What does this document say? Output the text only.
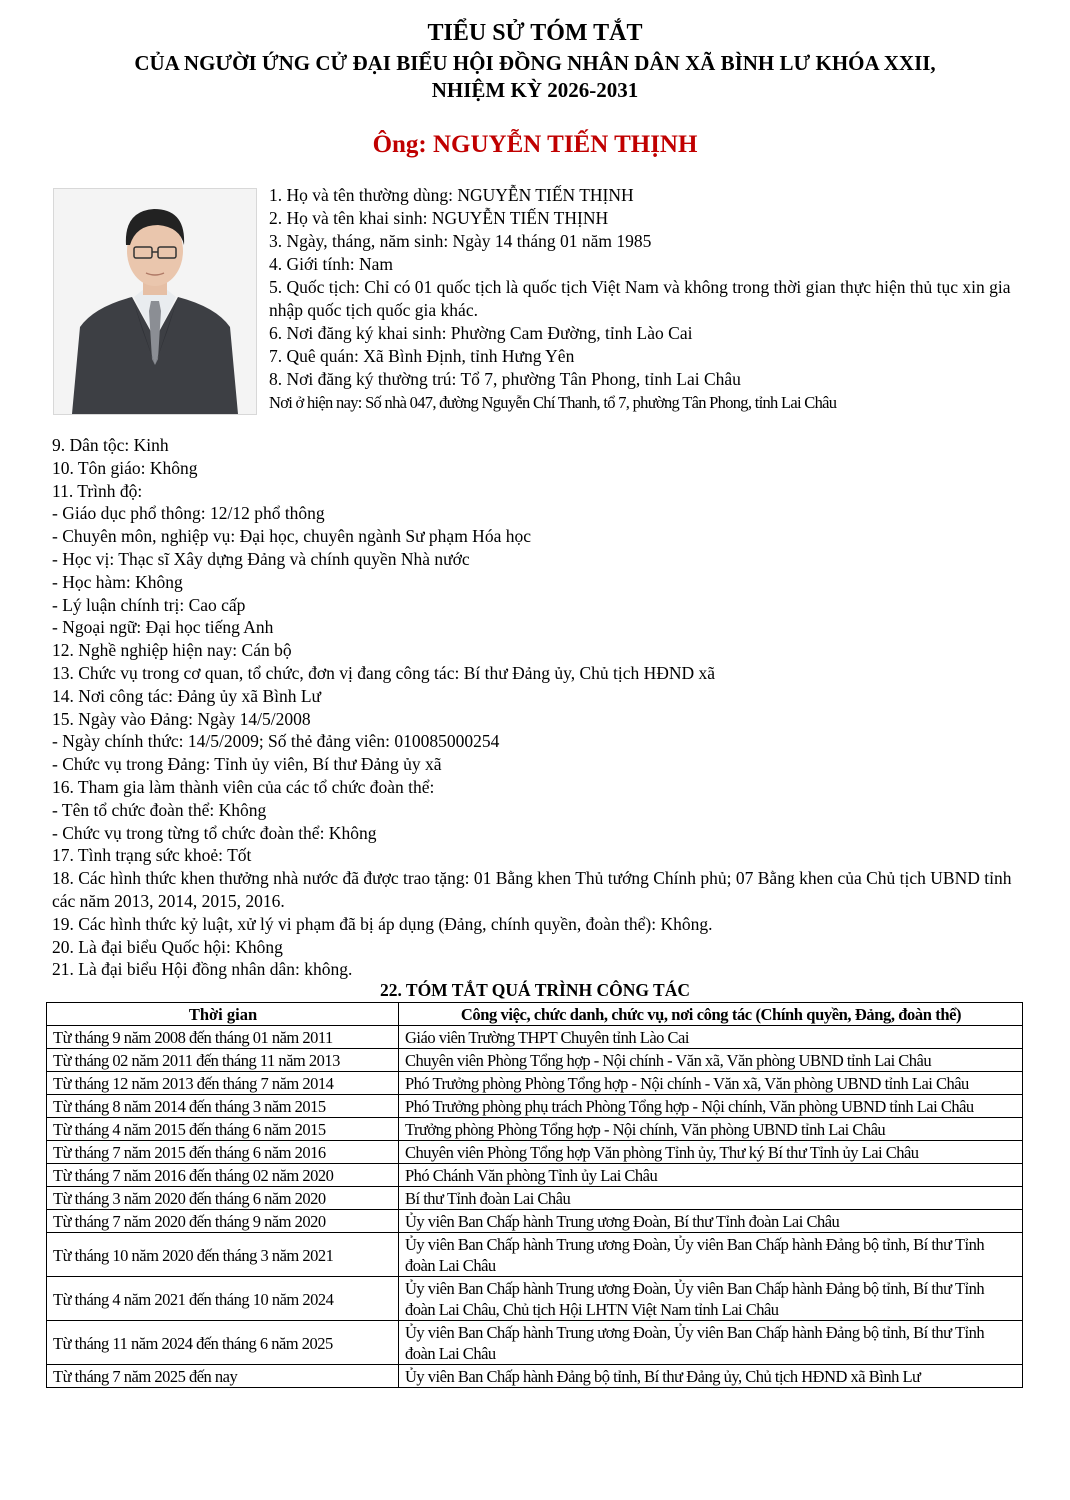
TIỂU SỬ TÓM TẮT
CỦA NGƯỜI ỨNG CỬ ĐẠI BIỂU HỘI ĐỒNG NHÂN DÂN XÃ BÌNH LƯ KHÓA XXII,
NHIỆM KỲ 2026-2031
Ông: NGUYỄN TIẾN THỊNH
1. Họ và tên thường dùng: NGUYỄN TIẾN THỊNH
2. Họ và tên khai sinh: NGUYỄN TIẾN THỊNH
3. Ngày, tháng, năm sinh: Ngày 14 tháng 01 năm 1985
4. Giới tính: Nam
5. Quốc tịch: Chỉ có 01 quốc tịch là quốc tịch Việt Nam và không trong thời gian thực hiện thủ tục xin gia nhập quốc tịch quốc gia khác.
6. Nơi đăng ký khai sinh: Phường Cam Đường, tỉnh Lào Cai
7. Quê quán: Xã Bình Định, tỉnh Hưng Yên
8. Nơi đăng ký thường trú: Tổ 7, phường Tân Phong, tỉnh Lai Châu
Nơi ở hiện nay: Số nhà 047, đường Nguyễn Chí Thanh, tổ 7, phường Tân Phong, tỉnh Lai Châu
9. Dân tộc: Kinh
10. Tôn giáo: Không
11. Trình độ:
- Giáo dục phổ thông: 12/12 phổ thông
- Chuyên môn, nghiệp vụ: Đại học, chuyên ngành Sư phạm Hóa học
- Học vị: Thạc sĩ Xây dựng Đảng và chính quyền Nhà nước
- Học hàm: Không
- Lý luận chính trị: Cao cấp
- Ngoại ngữ: Đại học tiếng Anh
12. Nghề nghiệp hiện nay: Cán bộ
13. Chức vụ trong cơ quan, tổ chức, đơn vị đang công tác: Bí thư Đảng ủy, Chủ tịch HĐND xã
14. Nơi công tác: Đảng ủy xã Bình Lư
15. Ngày vào Đảng: Ngày 14/5/2008
- Ngày chính thức: 14/5/2009; Số thẻ đảng viên: 010085000254
- Chức vụ trong Đảng: Tỉnh ủy viên, Bí thư Đảng ủy xã
16. Tham gia làm thành viên của các tổ chức đoàn thể:
- Tên tổ chức đoàn thể: Không
- Chức vụ trong từng tổ chức đoàn thể: Không
17. Tình trạng sức khoẻ: Tốt
18. Các hình thức khen thưởng nhà nước đã được trao tặng: 01 Bằng khen Thủ tướng Chính phủ; 07 Bằng khen của Chủ tịch UBND tỉnh các năm 2013, 2014, 2015, 2016.
19. Các hình thức kỷ luật, xử lý vi phạm đã bị áp dụng (Đảng, chính quyền, đoàn thể): Không.
20. Là đại biểu Quốc hội: Không
21. Là đại biểu Hội đồng nhân dân: không.
22. TÓM TẮT QUÁ TRÌNH CÔNG TÁC
Thời gian	Công việc, chức danh, chức vụ, nơi công tác (Chính quyền, Đảng, đoàn thể)
Từ tháng 9 năm 2008 đến tháng 01 năm 2011	Giáo viên Trường THPT Chuyên tỉnh Lào Cai
Từ tháng 02 năm 2011 đến tháng 11 năm 2013	Chuyên viên Phòng Tổng hợp - Nội chính - Văn xã, Văn phòng UBND tỉnh Lai Châu
Từ tháng 12 năm 2013 đến tháng 7 năm 2014	Phó Trưởng phòng Phòng Tổng hợp - Nội chính - Văn xã, Văn phòng UBND tỉnh Lai Châu
Từ tháng 8 năm 2014 đến tháng 3 năm 2015	Phó Trưởng phòng phụ trách Phòng Tổng hợp - Nội chính, Văn phòng UBND tỉnh Lai Châu
Từ tháng 4 năm 2015 đến tháng 6 năm 2015	Trưởng phòng Phòng Tổng hợp - Nội chính, Văn phòng UBND tỉnh Lai Châu
Từ tháng 7 năm 2015 đến tháng 6 năm 2016	Chuyên viên Phòng Tổng hợp Văn phòng Tỉnh ủy, Thư ký Bí thư Tỉnh ủy Lai Châu
Từ tháng 7 năm 2016 đến tháng 02 năm 2020	Phó Chánh Văn phòng Tỉnh ủy Lai Châu
Từ tháng 3 năm 2020 đến tháng 6 năm 2020	Bí thư Tỉnh đoàn Lai Châu
Từ tháng 7 năm 2020 đến tháng 9 năm 2020	Ủy viên Ban Chấp hành Trung ương Đoàn, Bí thư Tỉnh đoàn Lai Châu
Từ tháng 10 năm 2020 đến tháng 3 năm 2021	Ủy viên Ban Chấp hành Trung ương Đoàn, Ủy viên Ban Chấp hành Đảng bộ tỉnh, Bí thư Tỉnh đoàn Lai Châu
Từ tháng 4 năm 2021 đến tháng 10 năm 2024	Ủy viên Ban Chấp hành Trung ương Đoàn, Ủy viên Ban Chấp hành Đảng bộ tỉnh, Bí thư Tỉnh đoàn Lai Châu, Chủ tịch Hội LHTN Việt Nam tỉnh Lai Châu
Từ tháng 11 năm 2024 đến tháng 6 năm 2025	Ủy viên Ban Chấp hành Trung ương Đoàn, Ủy viên Ban Chấp hành Đảng bộ tỉnh, Bí thư Tỉnh đoàn Lai Châu
Từ tháng 7 năm 2025 đến nay	Ủy viên Ban Chấp hành Đảng bộ tỉnh, Bí thư Đảng ủy, Chủ tịch HĐND xã Bình Lư
